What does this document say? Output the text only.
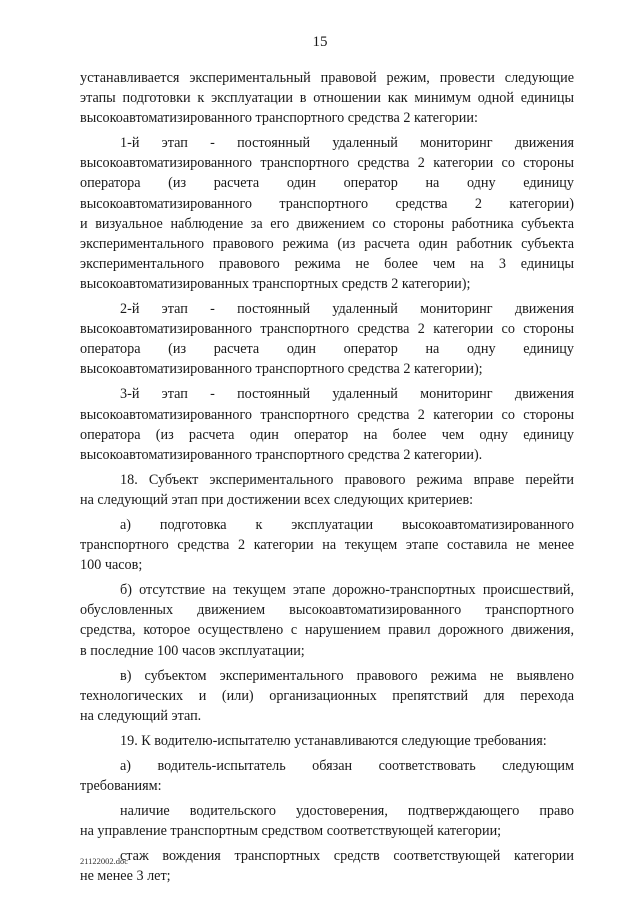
15
устанавливается экспериментальный правовой режим, провести следующие
этапы подготовки к эксплуатации в отношении как минимум одной единицы
высокоавтоматизированного транспортного средства 2 категории:
1-й этап - постоянный удаленный мониторинг движения
высокоавтоматизированного транспортного средства 2 категории со стороны
оператора (из расчета один оператор на одну единицу
высокоавтоматизированного транспортного средства 2 категории)
и визуальное наблюдение за его движением со стороны работника субъекта
экспериментального правового режима (из расчета один работник субъекта
экспериментального правового режима не более чем на 3 единицы
высокоавтоматизированных транспортных средств 2 категории);
2-й этап - постоянный удаленный мониторинг движения
высокоавтоматизированного транспортного средства 2 категории со стороны
оператора (из расчета один оператор на одну единицу
высокоавтоматизированного транспортного средства 2 категории);
3-й этап - постоянный удаленный мониторинг движения
высокоавтоматизированного транспортного средства 2 категории со стороны
оператора (из расчета один оператор на более чем одну единицу
высокоавтоматизированного транспортного средства 2 категории).
18. Субъект экспериментального правового режима вправе перейти
на следующий этап при достижении всех следующих критериев:
а) подготовка к эксплуатации высокоавтоматизированного
транспортного средства 2 категории на текущем этапе составила не менее
100 часов;
б) отсутствие на текущем этапе дорожно-транспортных происшествий,
обусловленных движением высокоавтоматизированного транспортного
средства, которое осуществлено с нарушением правил дорожного движения,
в последние 100 часов эксплуатации;
в) субъектом экспериментального правового режима не выявлено
технологических и (или) организационных препятствий для перехода
на следующий этап.
19. К водителю-испытателю устанавливаются следующие требования:
а) водитель-испытатель обязан соответствовать следующим
требованиям:
наличие водительского удостоверения, подтверждающего право
на управление транспортным средством соответствующей категории;
стаж вождения транспортных средств соответствующей категории
не менее 3 лет;
21122002.doc
